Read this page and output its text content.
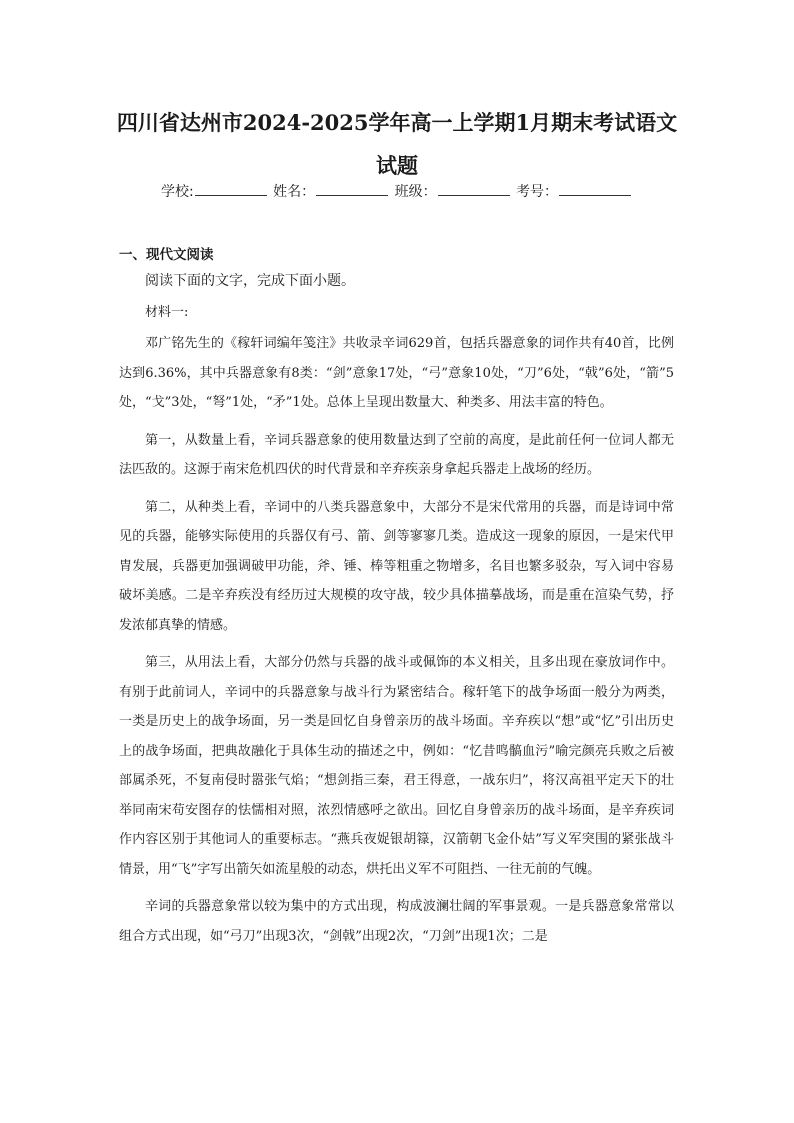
四川省达州市2024-2025学年高一上学期1月期末考试语文试题
学校:	姓名：	班级：	考号：
一、现代文阅读
阅读下面的文字，完成下面小题。
材料一:

邓广铭先生的《稼轩词编年笺注》共收录辛词629首，包括兵器意象的词作共有40首，比例达到6.36%，其中兵器意象有8类：“剑”意象17处，“弓”意象10处，“刀”6处，“戟”6处，“箭”5处，“戈”3处，“弩”1处，“矛”1处。总体上呈现出数量大、种类多、用法丰富的特色。

第一，从数量上看，辛词兵器意象的使用数量达到了空前的高度，是此前任何一位词人都无法匹敌的。这源于南宋危机四伏的时代背景和辛弃疾亲身拿起兵器走上战场的经历。

第二，从种类上看，辛词中的八类兵器意象中，大部分不是宋代常用的兵器，而是诗词中常见的兵器，能够实际使用的兵器仅有弓、箭、剑等寥寥几类。造成这一现象的原因，一是宋代甲胄发展，兵器更加强调破甲功能，斧、锤、棒等粗重之物增多，名目也繁多驳杂，写入词中容易破坏美感。二是辛弃疾没有经历过大规模的攻守战，较少具体描摹战场，而是重在渲染气势，抒发浓郁真挚的情感。

第三，从用法上看，大部分仍然与兵器的战斗或佩饰的本义相关，且多出现在豪放词作中。有别于此前词人，辛词中的兵器意象与战斗行为紧密结合。稼轩笔下的战争场面一般分为两类，一类是历史上的战争场面，另一类是回忆自身曾亲历的战斗场面。辛弃疾以“想”或“忆”引出历史上的战争场面，把典故融化于具体生动的描述之中，例如：“忆昔鸣髇血污”喻完颜亮兵败之后被部属杀死，不复南侵时嚣张气焰；“想剑指三秦，君王得意，一战东归”，将汉高祖平定天下的壮举同南宋苟安图存的怯懦相对照，浓烈情感呼之欲出。回忆自身曾亲历的战斗场面，是辛弃疾词作内容区别于其他词人的重要标志。“燕兵夜娖银胡簶，汉箭朝飞金仆姑”写义军突围的紧张战斗情景，用“飞”字写出箭矢如流星般的动态，烘托出义军不可阻挡、一往无前的气魄。

辛词的兵器意象常以较为集中的方式出现，构成波澜壮阔的军事景观。一是兵器意象常常以组合方式出现，如“弓刀”出现3次，“剑戟”出现2次，“刀剑”出现1次；二是
